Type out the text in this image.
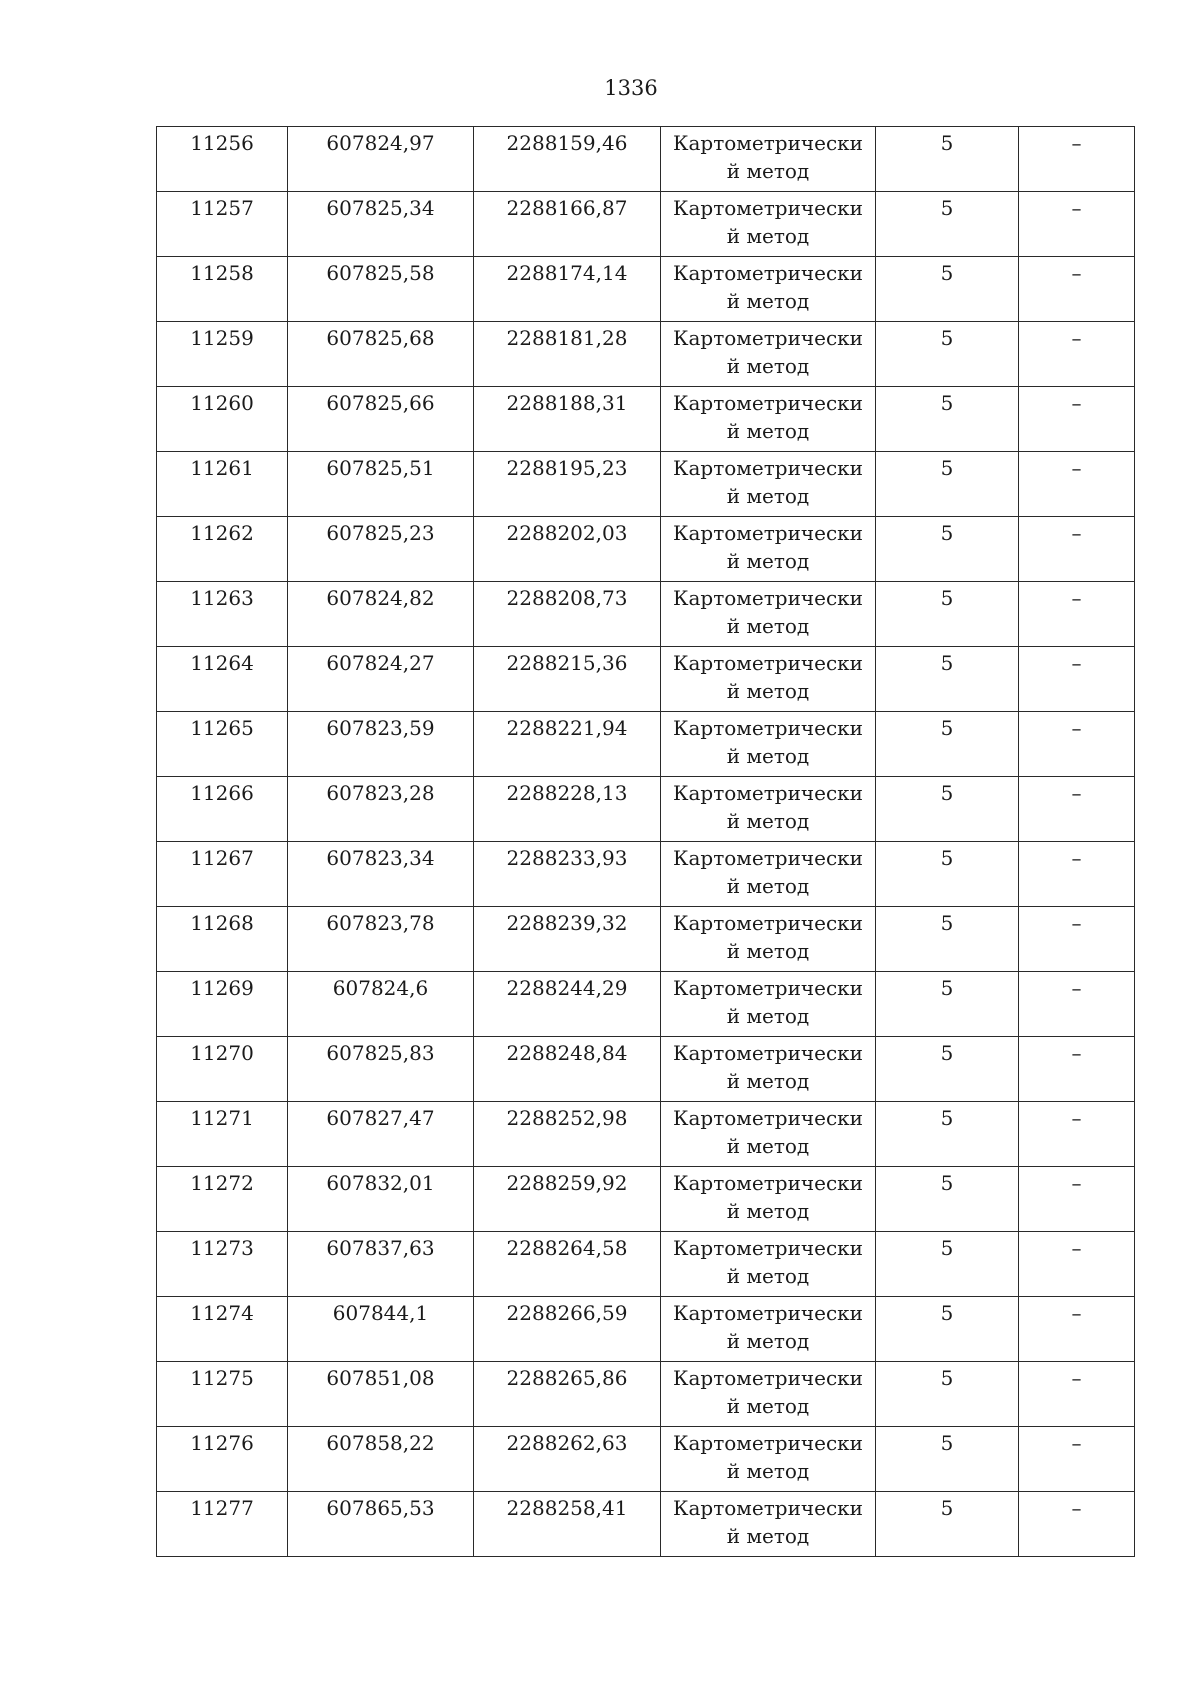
1336
11256	607824,97	2288159,46	Картометрический метод	5	–

11257	607825,34	2288166,87	Картометрический метод	5	–

11258	607825,58	2288174,14	Картометрический метод	5	–

11259	607825,68	2288181,28	Картометрический метод	5	–

11260	607825,66	2288188,31	Картометрический метод	5	–

11261	607825,51	2288195,23	Картометрический метод	5	–

11262	607825,23	2288202,03	Картометрический метод	5	–

11263	607824,82	2288208,73	Картометрический метод	5	–

11264	607824,27	2288215,36	Картометрический метод	5	–

11265	607823,59	2288221,94	Картометрический метод	5	–

11266	607823,28	2288228,13	Картометрический метод	5	–

11267	607823,34	2288233,93	Картометрический метод	5	–

11268	607823,78	2288239,32	Картометрический метод	5	–

11269	607824,6	2288244,29	Картометрический метод	5	–

11270	607825,83	2288248,84	Картометрический метод	5	–

11271	607827,47	2288252,98	Картометрический метод	5	–

11272	607832,01	2288259,92	Картометрический метод	5	–

11273	607837,63	2288264,58	Картометрический метод	5	–

11274	607844,1	2288266,59	Картометрический метод	5	–

11275	607851,08	2288265,86	Картометрический метод	5	–

11276	607858,22	2288262,63	Картометрический метод	5	–

11277	607865,53	2288258,41	Картометрический метод	5	–
